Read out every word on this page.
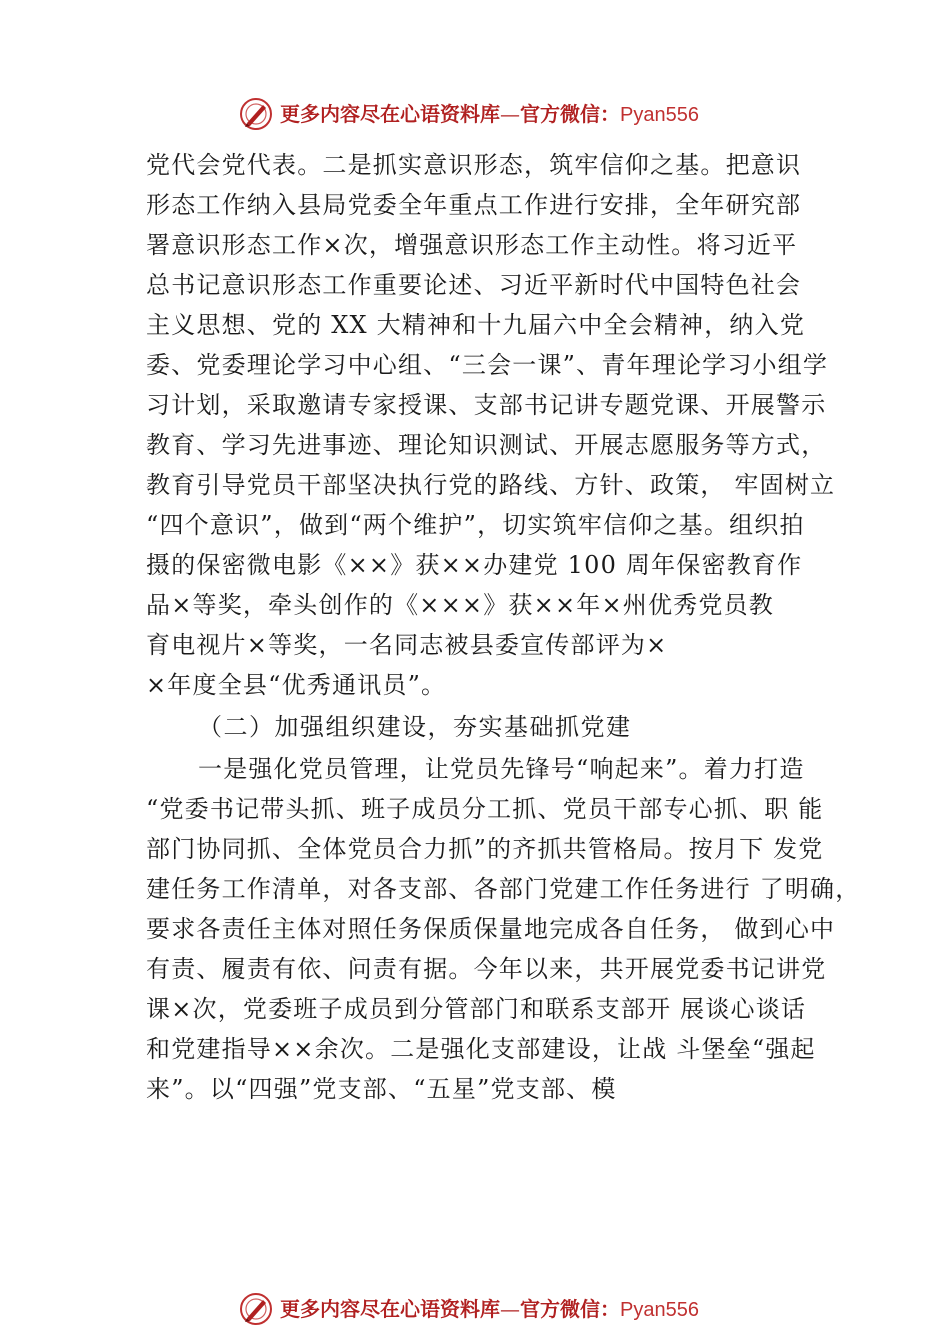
更多内容尽在心语资料库—官方微信：Pyan556
党代会党代表。二是抓实意识形态，筑牢信仰之基。把意识
形态工作纳入县局党委全年重点工作进行安排，全年研究部
署意识形态工作×次，增强意识形态工作主动性。将习近平
总书记意识形态工作重要论述、习近平新时代中国特色社会
主义思想、党的 XX 大精神和十九届六中全会精神，纳入党
委、党委理论学习中心组、“三会一课”、青年理论学习小组学
习计划，采取邀请专家授课、支部书记讲专题党课、开展警示
教育、学习先进事迹、理论知识测试、开展志愿服务等方式，
教育引导党员干部坚决执行党的路线、方针、政策， 牢固树立
“四个意识”，做到“两个维护”，切实筑牢信仰之基。组织拍
摄的保密微电影《××》获××办建党 100 周年保密教育作
品×等奖，牵头创作的《×××》获××年×州优秀党员教
育电视片×等奖，一名同志被县委宣传部评为×
×年度全县“优秀通讯员”。
（二）加强组织建设，夯实基础抓党建
一是强化党员管理，让党员先锋号“响起来”。着力打造
“党委书记带头抓、班子成员分工抓、党员干部专心抓、职 能
部门协同抓、全体党员合力抓”的齐抓共管格局。按月下 发党
建任务工作清单，对各支部、各部门党建工作任务进行 了明确，
要求各责任主体对照任务保质保量地完成各自任务， 做到心中
有责、履责有依、问责有据。今年以来，共开展党委书记讲党
课×次，党委班子成员到分管部门和联系支部开 展谈心谈话
和党建指导××余次。二是强化支部建设，让战 斗堡垒“强起
来”。以“四强”党支部、“五星”党支部、模
更多内容尽在心语资料库—官方微信：Pyan556
